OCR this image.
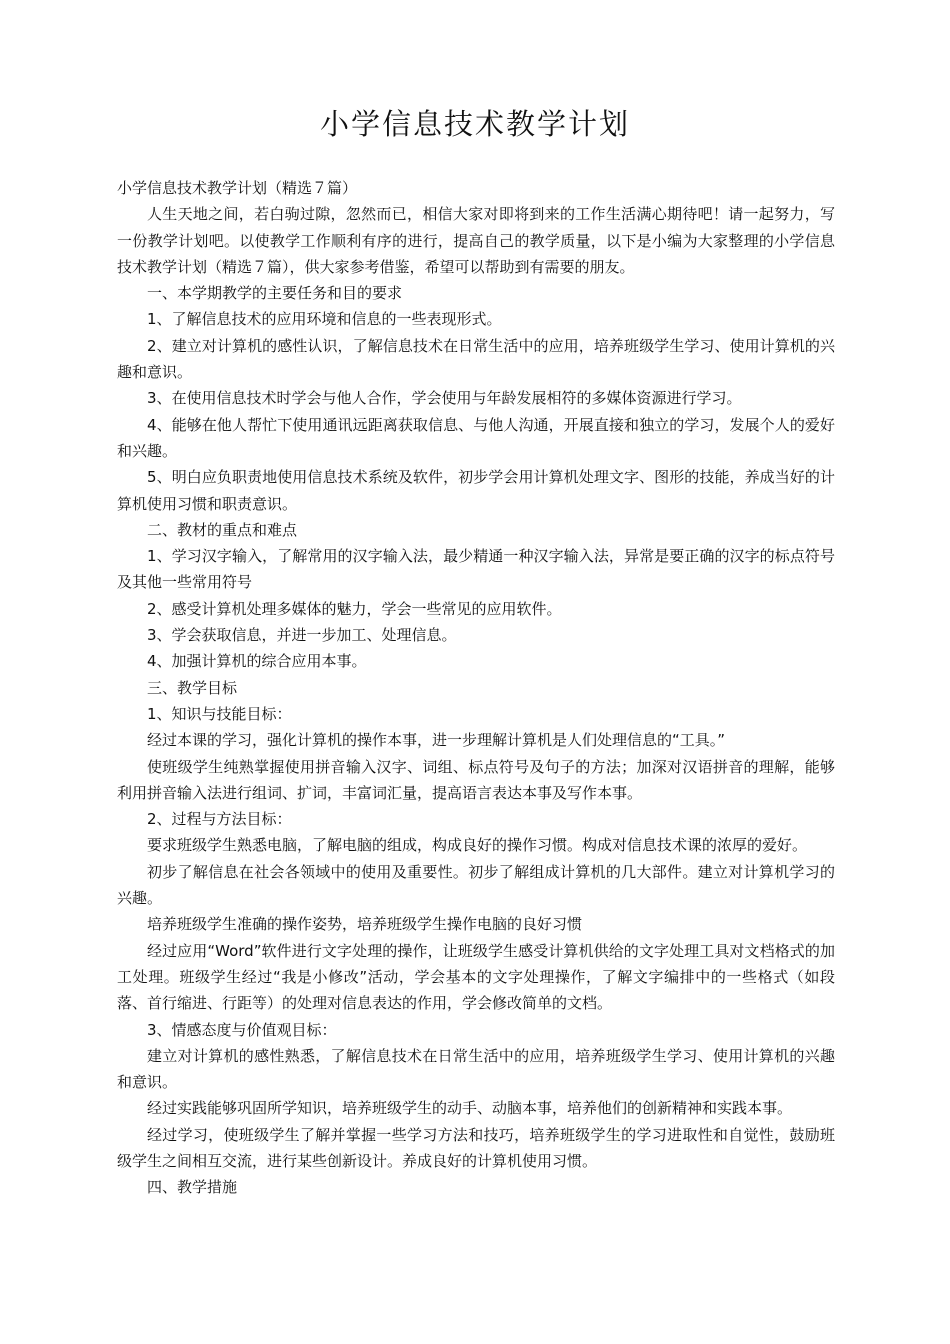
小学信息技术教学计划

小学信息技术教学计划（精选７篇）

人生天地之间，若白驹过隙，忽然而已，相信大家对即将到来的工作生活满心期待吧！请一起努力，写一份教学计划吧。以使教学工作顺利有序的进行，提高自己的教学质量，以下是小编为大家整理的小学信息技术教学计划（精选７篇），供大家参考借鉴，希望可以帮助到有需要的朋友。

一、本学期教学的主要任务和目的要求

1、了解信息技术的应用环境和信息的一些表现形式。

2、建立对计算机的感性认识，了解信息技术在日常生活中的应用，培养班级学生学习、使用计算机的兴趣和意识。

3、在使用信息技术时学会与他人合作，学会使用与年龄发展相符的多媒体资源进行学习。

4、能够在他人帮忙下使用通讯远距离获取信息、与他人沟通，开展直接和独立的学习，发展个人的爱好和兴趣。

5、明白应负职责地使用信息技术系统及软件，初步学会用计算机处理文字、图形的技能，养成当好的计算机使用习惯和职责意识。

二、教材的重点和难点

1、学习汉字输入，了解常用的汉字输入法，最少精通一种汉字输入法，异常是要正确的汉字的标点符号及其他一些常用符号

2、感受计算机处理多媒体的魅力，学会一些常见的应用软件。

3、学会获取信息，并进一步加工、处理信息。

4、加强计算机的综合应用本事。

三、教学目标

1、知识与技能目标：

经过本课的学习，强化计算机的操作本事，进一步理解计算机是人们处理信息的“工具。”

使班级学生纯熟掌握使用拼音输入汉字、词组、标点符号及句子的方法；加深对汉语拼音的理解，能够利用拼音输入法进行组词、扩词，丰富词汇量，提高语言表达本事及写作本事。

2、过程与方法目标：

要求班级学生熟悉电脑，了解电脑的组成，构成良好的操作习惯。构成对信息技术课的浓厚的爱好。

初步了解信息在社会各领域中的使用及重要性。初步了解组成计算机的几大部件。建立对计算机学习的兴趣。

培养班级学生准确的操作姿势，培养班级学生操作电脑的良好习惯

经过应用“Word”软件进行文字处理的操作，让班级学生感受计算机供给的文字处理工具对文档格式的加工处理。班级学生经过“我是小修改”活动，学会基本的文字处理操作，了解文字编排中的一些格式（如段落、首行缩进、行距等）的处理对信息表达的作用，学会修改简单的文档。

3、情感态度与价值观目标：

建立对计算机的感性熟悉，了解信息技术在日常生活中的应用，培养班级学生学习、使用计算机的兴趣和意识。

经过实践能够巩固所学知识，培养班级学生的动手、动脑本事，培养他们的创新精神和实践本事。

经过学习，使班级学生了解并掌握一些学习方法和技巧，培养班级学生的学习进取性和自觉性，鼓励班级学生之间相互交流，进行某些创新设计。养成良好的计算机使用习惯。

四、教学措施
